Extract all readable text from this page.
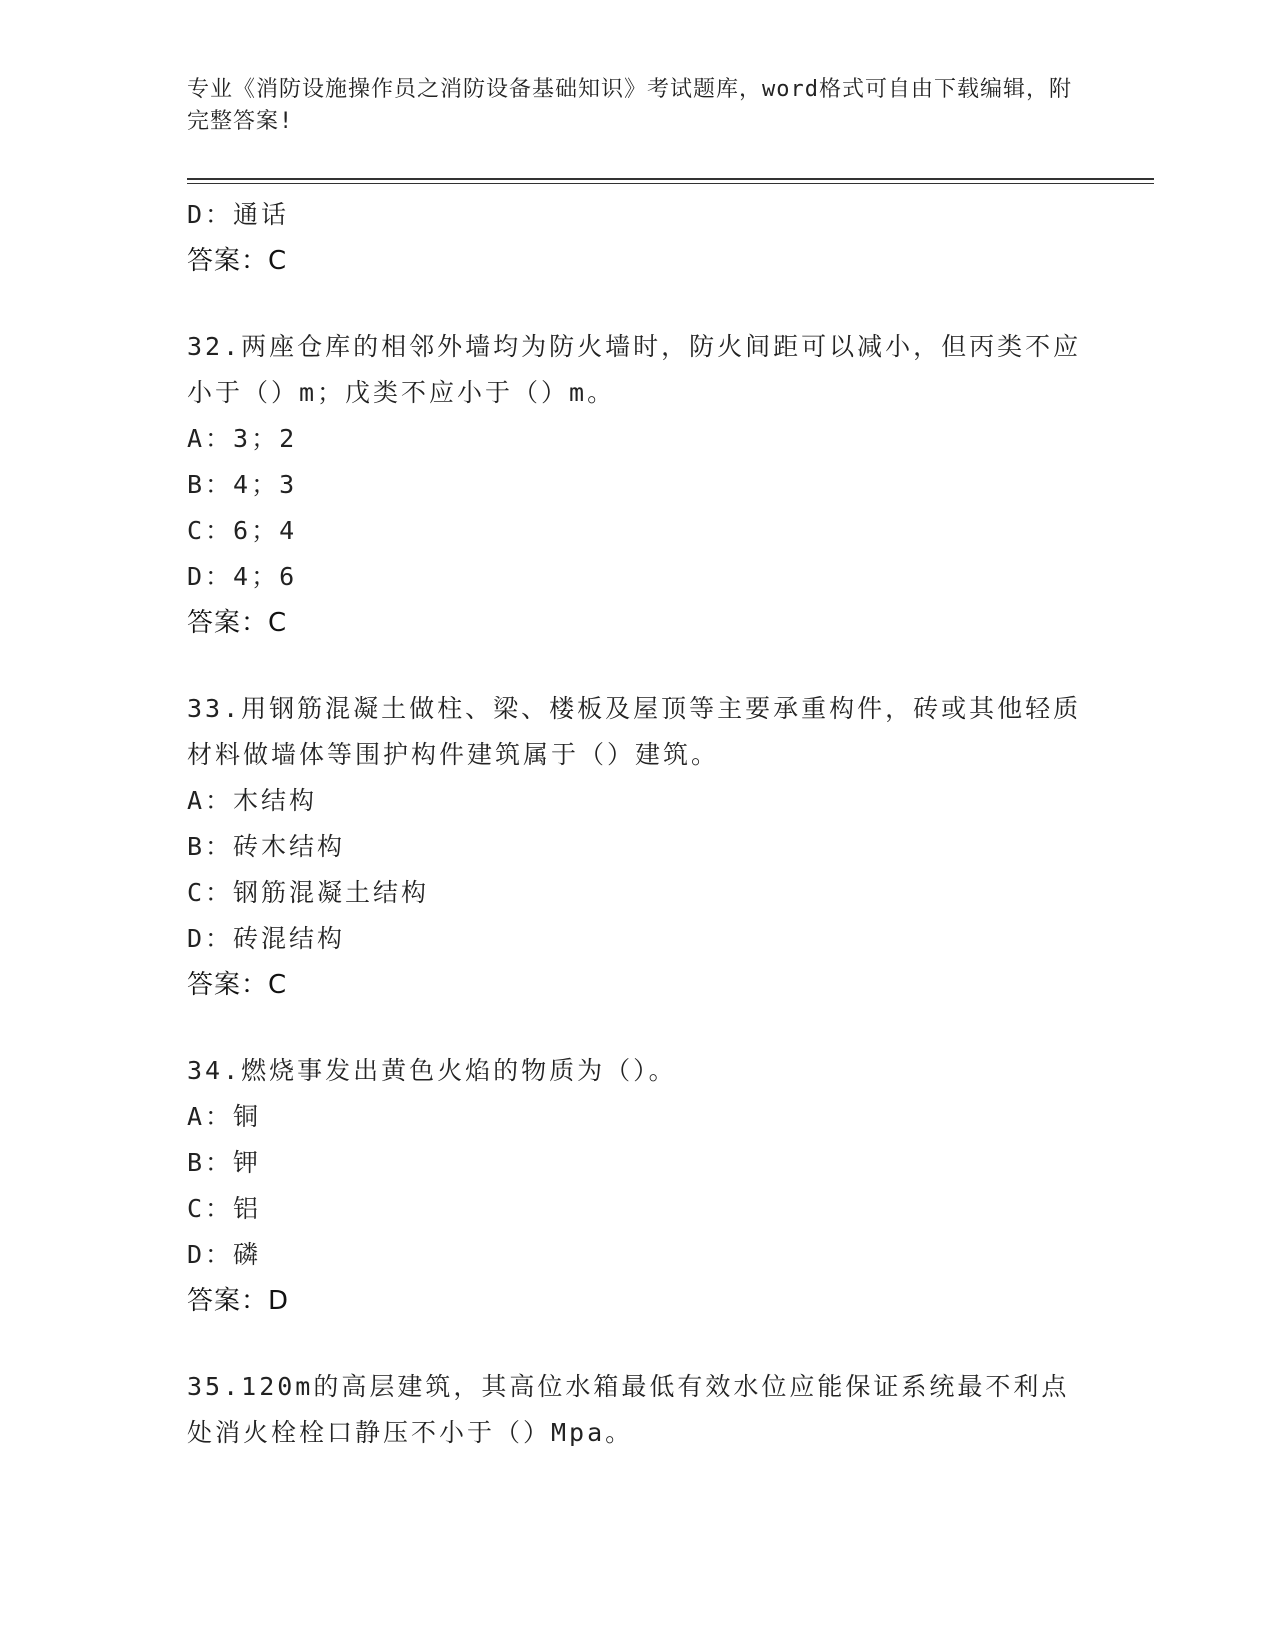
专业《消防设施操作员之消防设备基础知识》考试题库，word格式可自由下载编辑，附完整答案!
D：通话
答案：C
32.两座仓库的相邻外墙均为防火墙时，防火间距可以减小，但丙类不应小于（）m；戊类不应小于（）m。
A：3；2
B：4；3
C：6；4
D：4；6
答案：C
33.用钢筋混凝土做柱、梁、楼板及屋顶等主要承重构件，砖或其他轻质材料做墙体等围护构件建筑属于（）建筑。
A：木结构
B：砖木结构
C：钢筋混凝土结构
D：砖混结构
答案：C
34.燃烧事发出黄色火焰的物质为（）。
A：铜
B：钾
C：铝
D：磷
答案：D
35.120m的高层建筑，其高位水箱最低有效水位应能保证系统最不利点处消火栓栓口静压不小于（）Mpa。
